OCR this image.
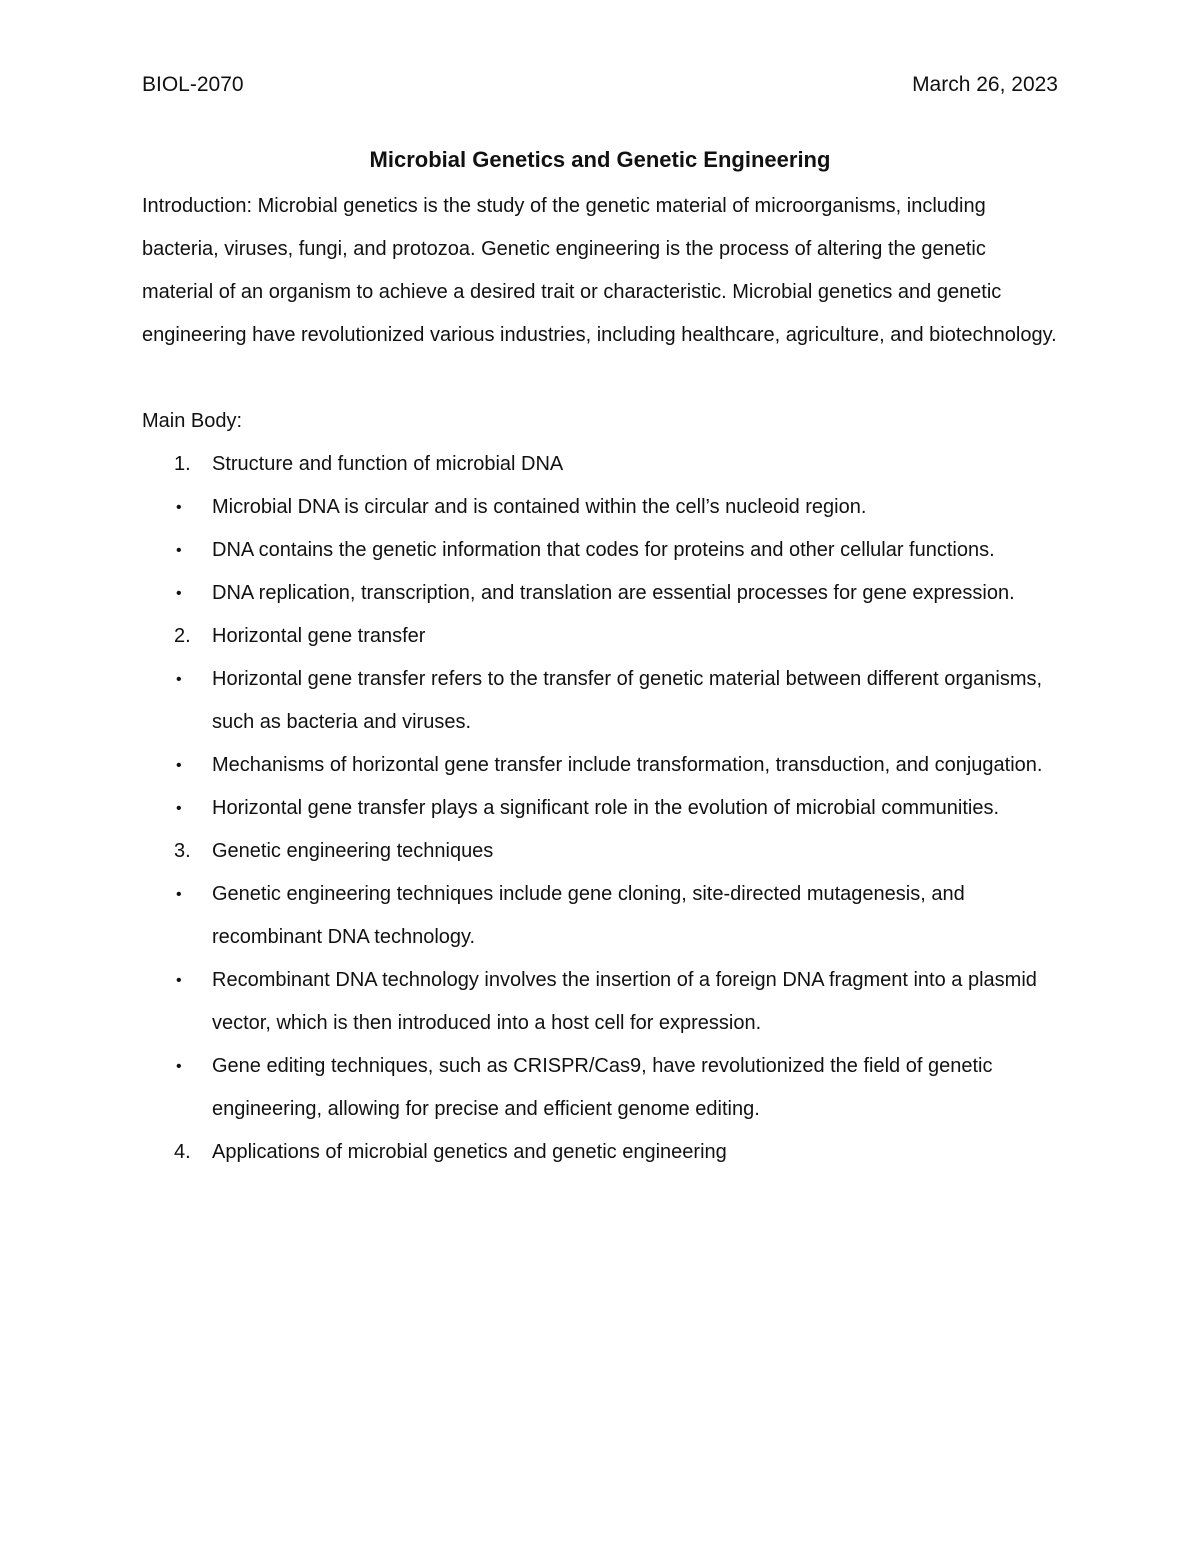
BIOL-2070	March 26, 2023
Microbial Genetics and Genetic Engineering

Introduction: Microbial genetics is the study of the genetic material of microorganisms, including bacteria, viruses, fungi, and protozoa. Genetic engineering is the process of altering the genetic material of an organism to achieve a desired trait or characteristic. Microbial genetics and genetic engineering have revolutionized various industries, including healthcare, agriculture, and biotechnology.

Main Body:

1.	Structure and function of microbial DNA
•	Microbial DNA is circular and is contained within the cell’s nucleoid region.
•	DNA contains the genetic information that codes for proteins and other cellular functions.
•	DNA replication, transcription, and translation are essential processes for gene expression.
2.	Horizontal gene transfer
•	Horizontal gene transfer refers to the transfer of genetic material between different organisms, such as bacteria and viruses.
•	Mechanisms of horizontal gene transfer include transformation, transduction, and conjugation.
•	Horizontal gene transfer plays a significant role in the evolution of microbial communities.
3.	Genetic engineering techniques
•	Genetic engineering techniques include gene cloning, site-directed mutagenesis, and recombinant DNA technology.
•	Recombinant DNA technology involves the insertion of a foreign DNA fragment into a plasmid vector, which is then introduced into a host cell for expression.
•	Gene editing techniques, such as CRISPR/Cas9, have revolutionized the field of genetic engineering, allowing for precise and efficient genome editing.
4.	Applications of microbial genetics and genetic engineering
